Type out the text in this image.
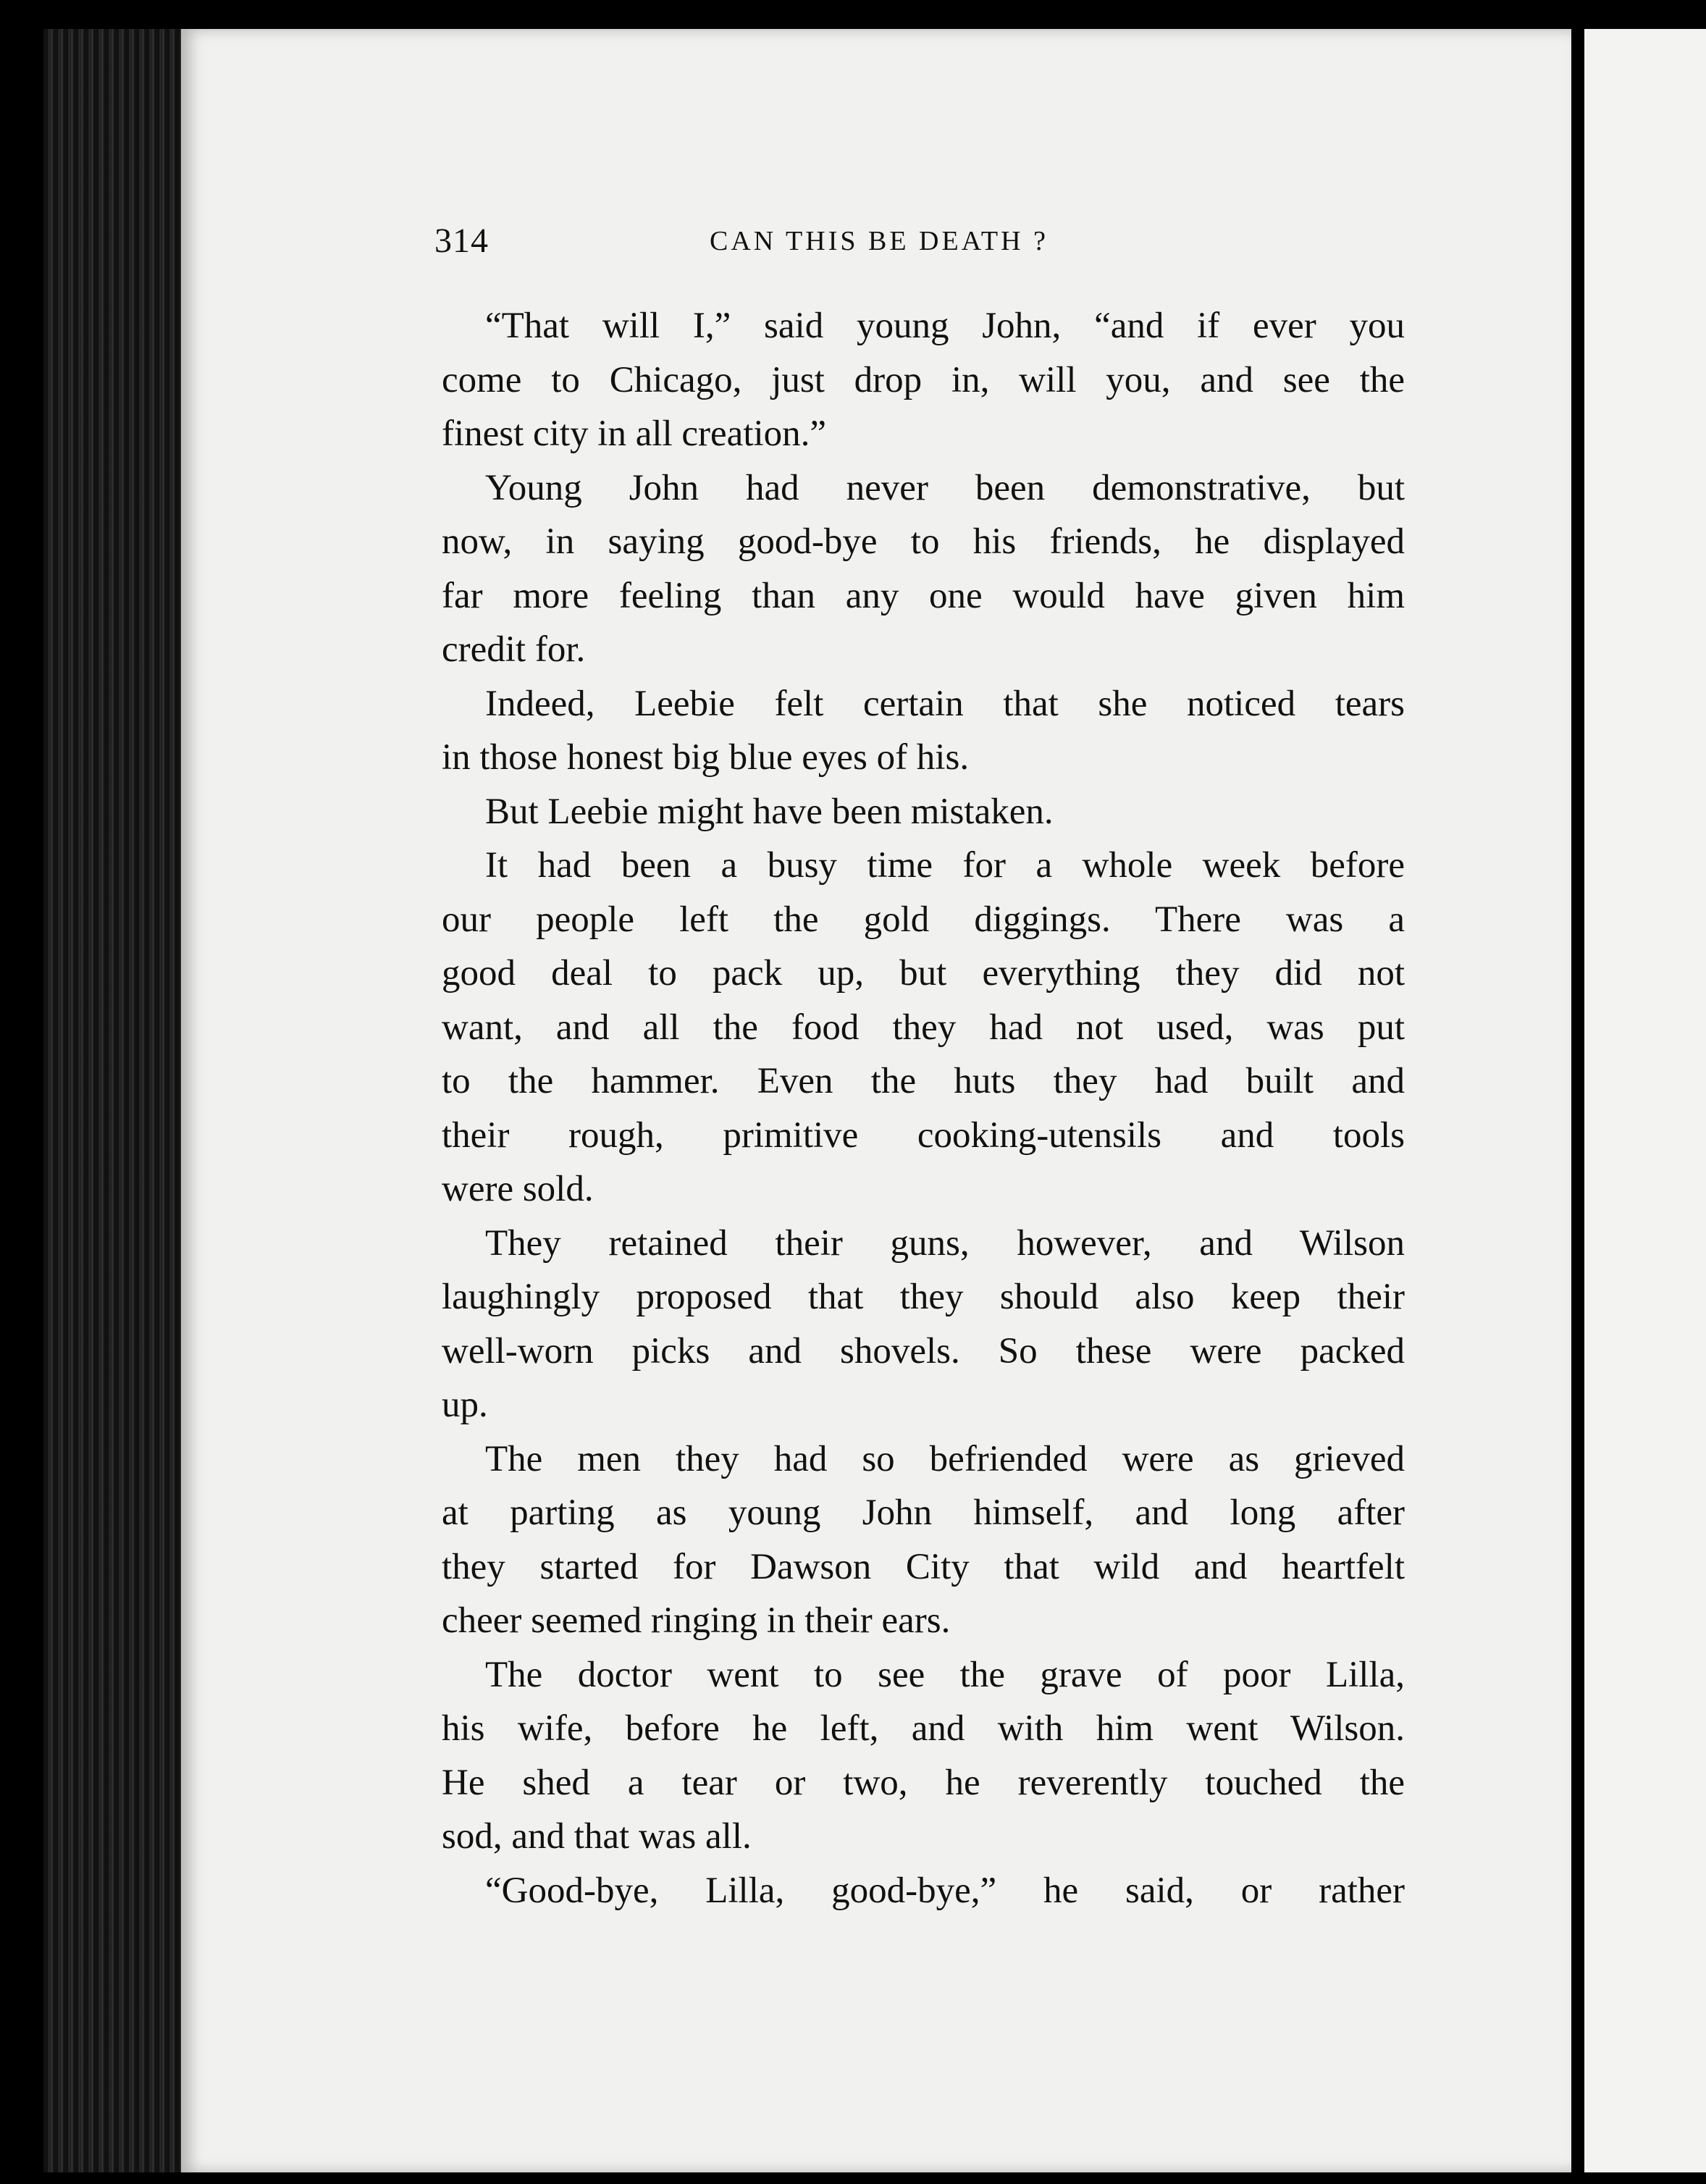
314	CAN THIS BE DEATH ?
“That will I,” said young John, “and if ever you
come to Chicago, just drop in, will you, and see the
finest city in all creation.”
Young John had never been demonstrative, but
now, in saying good-bye to his friends, he displayed
far more feeling than any one would have given him
credit for.
Indeed, Leebie felt certain that she noticed tears
in those honest big blue eyes of his.
But Leebie might have been mistaken.
It had been a busy time for a whole week before
our people left the gold diggings. There was a
good deal to pack up, but everything they did not
want, and all the food they had not used, was put
to the hammer. Even the huts they had built and
their rough, primitive cooking-utensils and tools
were sold.
They retained their guns, however, and Wilson
laughingly proposed that they should also keep their
well-worn picks and shovels. So these were packed
up.
The men they had so befriended were as grieved
at parting as young John himself, and long after
they started for Dawson City that wild and heartfelt
cheer seemed ringing in their ears.
The doctor went to see the grave of poor Lilla,
his wife, before he left, and with him went Wilson.
He shed a tear or two, he reverently touched the
sod, and that was all.
“Good-bye, Lilla, good-bye,” he said, or rather
